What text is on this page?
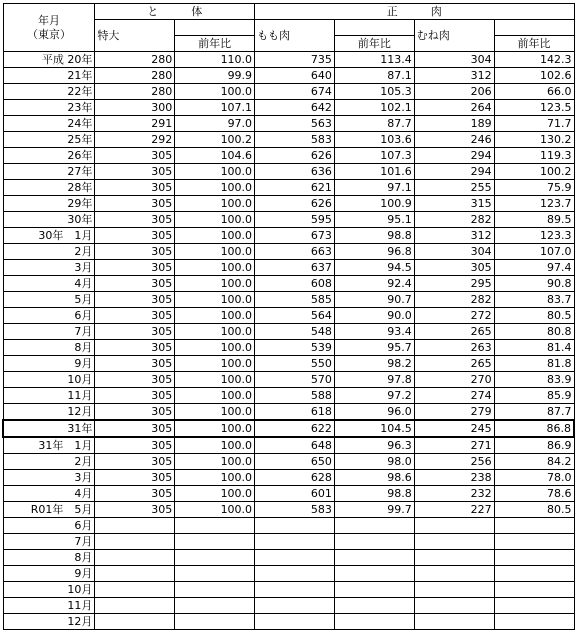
年月
（東京）	と　　　体		正　　　肉			

	特大		もも肉		むね肉	

		前年比		前年比		前年比
平成 20年	280	110.0	735	113.4	304	142.3
21年	280	99.9	640	87.1	312	102.6
22年	280	100.0	674	105.3	206	66.0
23年	300	107.1	642	102.1	264	123.5
24年	291	97.0	563	87.7	189	71.7
25年	292	100.2	583	103.6	246	130.2
26年	305	104.6	626	107.3	294	119.3
27年	305	100.0	636	101.6	294	100.2
28年	305	100.0	621	97.1	255	75.9
29年	305	100.0	626	100.9	315	123.7
30年	305	100.0	595	95.1	282	89.5
30年　1月	305	100.0	673	98.8	312	123.3
2月	305	100.0	663	96.8	304	107.0
3月	305	100.0	637	94.5	305	97.4
4月	305	100.0	608	92.4	295	90.8
5月	305	100.0	585	90.7	282	83.7
6月	305	100.0	564	90.0	272	80.5
7月	305	100.0	548	93.4	265	80.8
8月	305	100.0	539	95.7	263	81.4
9月	305	100.0	550	98.2	265	81.8
10月	305	100.0	570	97.8	270	83.9
11月	305	100.0	588	97.2	274	85.9
12月	305	100.0	618	96.0	279	87.7
31年	305	100.0	622	104.5	245	86.8
31年　1月	305	100.0	648	96.3	271	86.9
2月	305	100.0	650	98.0	256	84.2
3月	305	100.0	628	98.6	238	78.0
4月	305	100.0	601	98.8	232	78.6
R01年　5月	305	100.0	583	99.7	227	80.5
6月						
7月						
8月						
9月						
10月						
11月						
12月						
